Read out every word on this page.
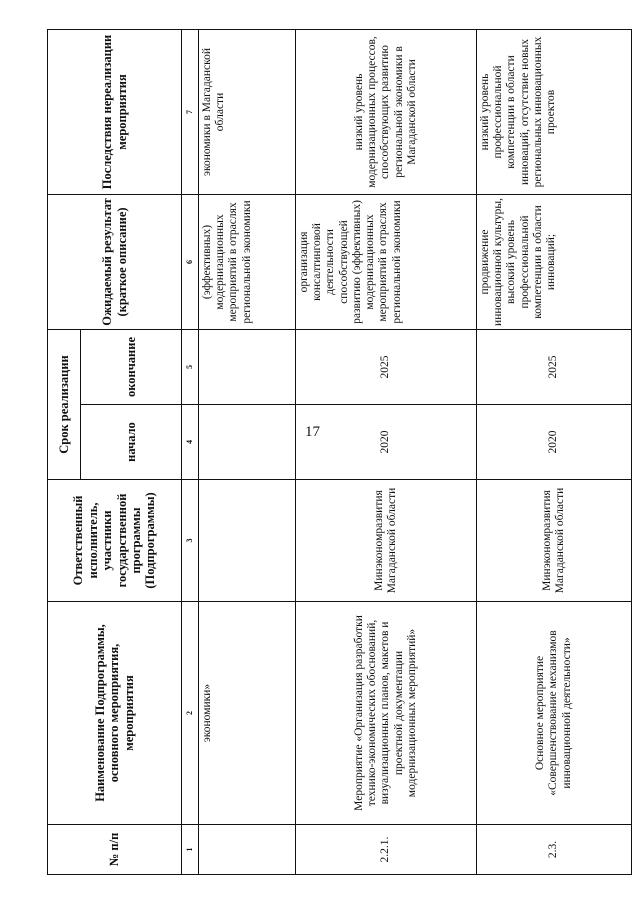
17
№ п/п	Наименование Подпрограммы, основного мероприятия, мероприятия	Ответственный исполнитель, участники государственной программы (Подпрограммы)	Срок реализации		Ожидаемый результат (краткое описание)	Последствия нереализации мероприятия
			начало	окончание		
1	2	3	4	5	6	7
	экономики»				(эффективных) модернизационных мероприятий в отраслях региональной экономики	экономики в Магаданской области
2.2.1.	Мероприятие «Организация разработки технико-экономических обоснований, визуализационных планов, макетов и проектной документации модернизационных мероприятий»	Минэкономразвития Магаданской области	2020	2025	организация консалтинговой деятельности способствующей развитию (эффективных) модернизационных мероприятий в отраслях региональной экономики	низкий уровень модернизационных процессов, способствующих развитию региональной экономики в Магаданской области
2.3.	Основное мероприятие «Совершенствование механизмов инновационной деятельности»	Минэкономразвития Магаданской области	2020	2025	продвижение инновационной культуры, высокий уровень профессиональной компетенции в области инноваций;	низкий уровень профессиональной компетенции в области инноваций, отсутствие новых региональных инновационных проектов
